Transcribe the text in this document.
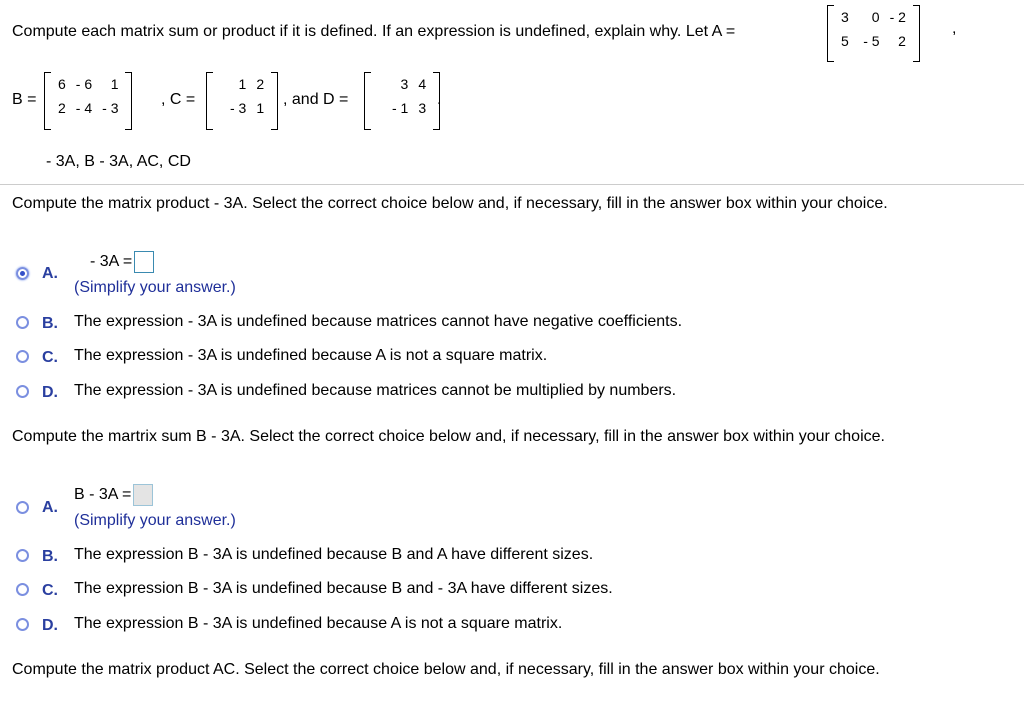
Compute each matrix sum or product if it is defined. If an expression is undefined, explain why. Let A =
3	0	- 2
5	- 5	2
,
B =
6	- 6	1
2	- 4	- 3	, C =
1	2
- 3	1 , and D =
3	4
- 1	3 .
- 3A, B - 3A, AC, CD
Compute the matrix product - 3A. Select the correct choice below and, if necessary, fill in the answer box within your choice.
A.
- 3A =
(Simplify your answer.)
B. The expression - 3A is undefined because matrices cannot have negative coefficients.
C. The expression - 3A is undefined because A is not a square matrix.
D. The expression - 3A is undefined because matrices cannot be multiplied by numbers.
Compute the martrix sum B - 3A. Select the correct choice below and, if necessary, fill in the answer box within your choice.
A.
B - 3A =
(Simplify your answer.)
B. The expression B - 3A is undefined because B and A have different sizes.
C. The expression B - 3A is undefined because B and - 3A have different sizes.
D. The expression B - 3A is undefined because A is not a square matrix.
Compute the matrix product AC. Select the correct choice below and, if necessary, fill in the answer box within your choice.
